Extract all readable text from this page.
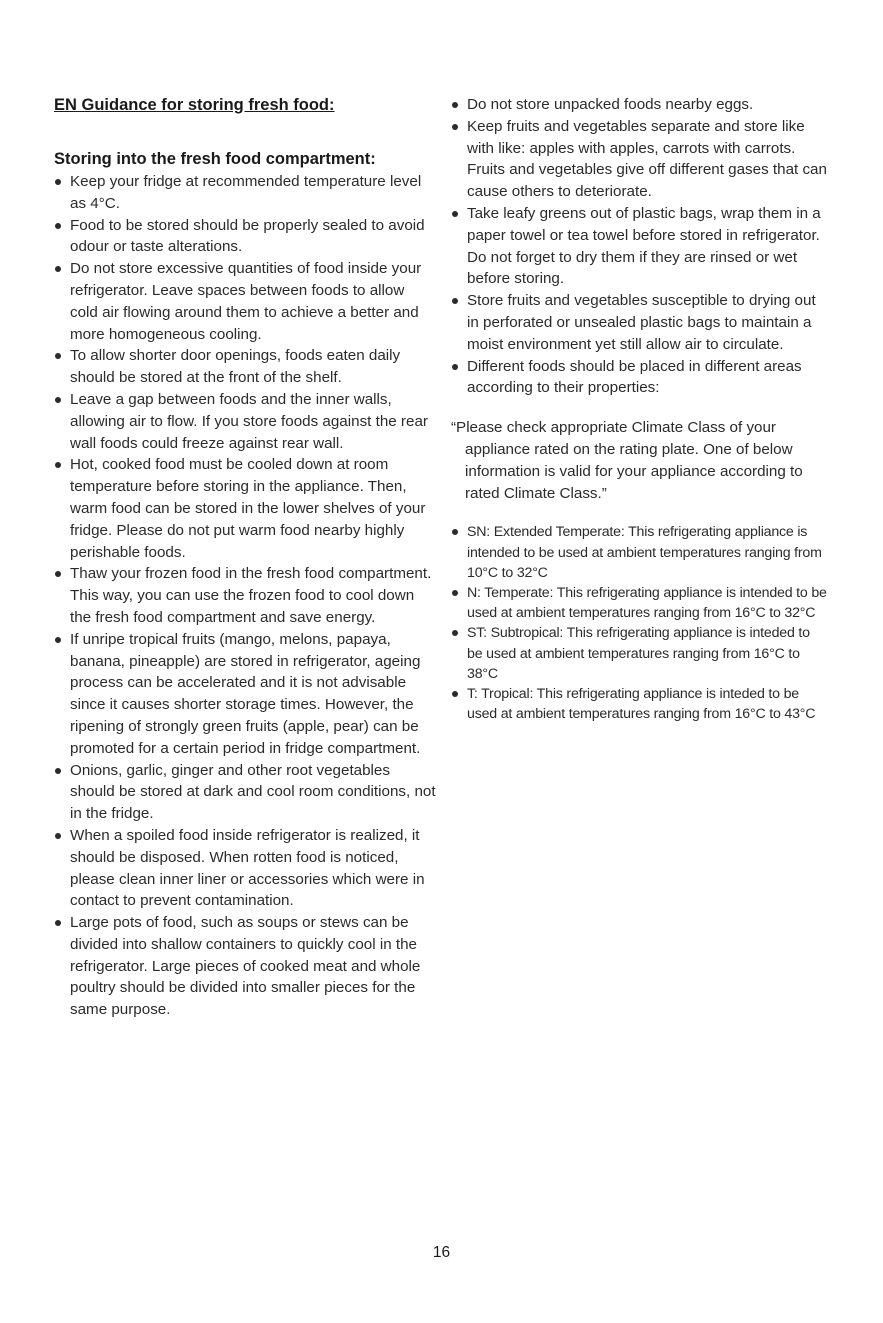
EN Guidance for storing fresh food:
Storing into the fresh food compartment:
Keep your fridge at recommended temperature level as 4°C.
Food to be stored should be properly sealed to avoid odour or taste alterations.
Do not store excessive quantities of food inside your refrigerator. Leave spaces between foods to allow cold air flowing around them to achieve a better and more homogeneous cooling.
To allow shorter door openings, foods eaten daily should be stored at the front of the shelf.
Leave a gap between foods and the inner walls, allowing air to flow. If you store foods against the rear wall foods could freeze against rear wall.
Hot, cooked food must be cooled down at room temperature before storing in the appliance. Then, warm food can be stored in the lower shelves of your fridge. Please do not put warm food nearby highly perishable foods.
Thaw your frozen food in the fresh food compartment. This way, you can use the frozen food to cool down the fresh food compartment and save energy.
If unripe tropical fruits (mango, melons, papaya, banana, pineapple) are stored in refrigerator, ageing process can be accelerated and it is not advisable since it causes shorter storage times. However, the ripening of strongly green fruits (apple, pear) can be promoted for a certain period in fridge compartment.
Onions, garlic, ginger and other root vegetables should be stored at dark and cool room conditions, not in the fridge.
When a spoiled food inside refrigerator is realized, it should be disposed. When rotten food is noticed, please clean inner liner or accessories which were in contact to prevent contamination.
Large pots of food, such as soups or stews can be divided into shallow containers to quickly cool in the refrigerator. Large pieces of cooked meat and whole poultry should be divided into smaller pieces for the same purpose.
Do not store unpacked foods nearby eggs.
Keep fruits and vegetables separate and store like with like: apples with apples, carrots with carrots. Fruits and vegetables give off different gases that can cause others to deteriorate.
Take leafy greens out of plastic bags, wrap them in a paper towel or tea towel before stored in refrigerator. Do not forget to dry them if they are rinsed or wet before storing.
Store fruits and vegetables susceptible to drying out in perforated or unsealed plastic bags to maintain a moist environment yet still allow air to circulate.
Different foods should be placed in different areas according to their properties:
“Please check appropriate Climate Class of your appliance rated on the rating plate. One of below information is valid for your appliance according to rated Climate Class.”
SN: Extended Temperate: This refrigerating appliance is intended to be used at ambient temperatures ranging from 10°C to 32°C
N: Temperate: This refrigerating appliance is intended to be used at ambient temperatures ranging from 16°C to 32°C
ST: Subtropical: This refrigerating appliance is inteded to be used at ambient temperatures ranging from 16°C to 38°C
T: Tropical: This refrigerating appliance is inteded to be used at ambient temperatures ranging from 16°C to 43°C
16
